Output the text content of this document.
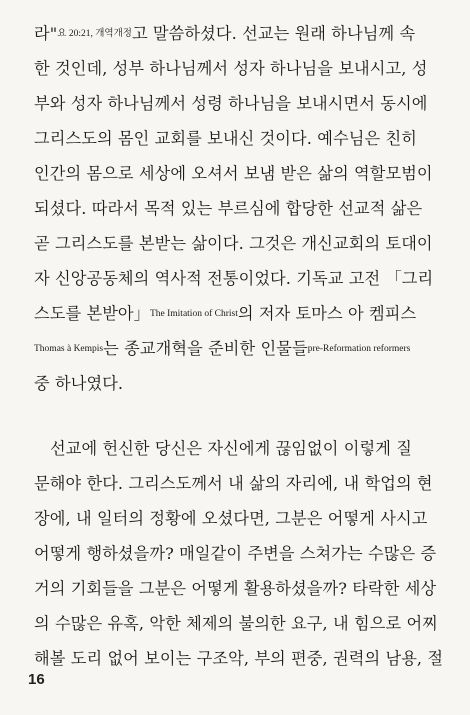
라"요 20:21, 개역개정고 말씀하셨다. 선교는 원래 하나님께 속
한 것인데, 성부 하나님께서 성자 하나님을 보내시고, 성
부와 성자 하나님께서 성령 하나님을 보내시면서 동시에
그리스도의 몸인 교회를 보내신 것이다. 예수님은 친히
인간의 몸으로 세상에 오셔서 보냄 받은 삶의 역할모범이
되셨다. 따라서 목적 있는 부르심에 합당한 선교적 삶은
곧 그리스도를 본받는 삶이다. 그것은 개신교회의 토대이
자 신앙공동체의 역사적 전통이었다. 기독교 고전 「그리
스도를 본받아」The Imitation of Christ의 저자 토마스 아 켐피스
Thomas à Kempis는 종교개혁을 준비한 인물들pre-Reformation reformers
중 하나였다.
선교에 헌신한 당신은 자신에게 끊임없이 이렇게 질
문해야 한다. 그리스도께서 내 삶의 자리에, 내 학업의 현
장에, 내 일터의 정황에 오셨다면, 그분은 어떻게 사시고
어떻게 행하셨을까? 매일같이 주변을 스쳐가는 수많은 증
거의 기회들을 그분은 어떻게 활용하셨을까? 타락한 세상
의 수많은 유혹, 악한 체제의 불의한 요구, 내 힘으로 어찌
해볼 도리 없어 보이는 구조악, 부의 편중, 권력의 남용, 절
16
